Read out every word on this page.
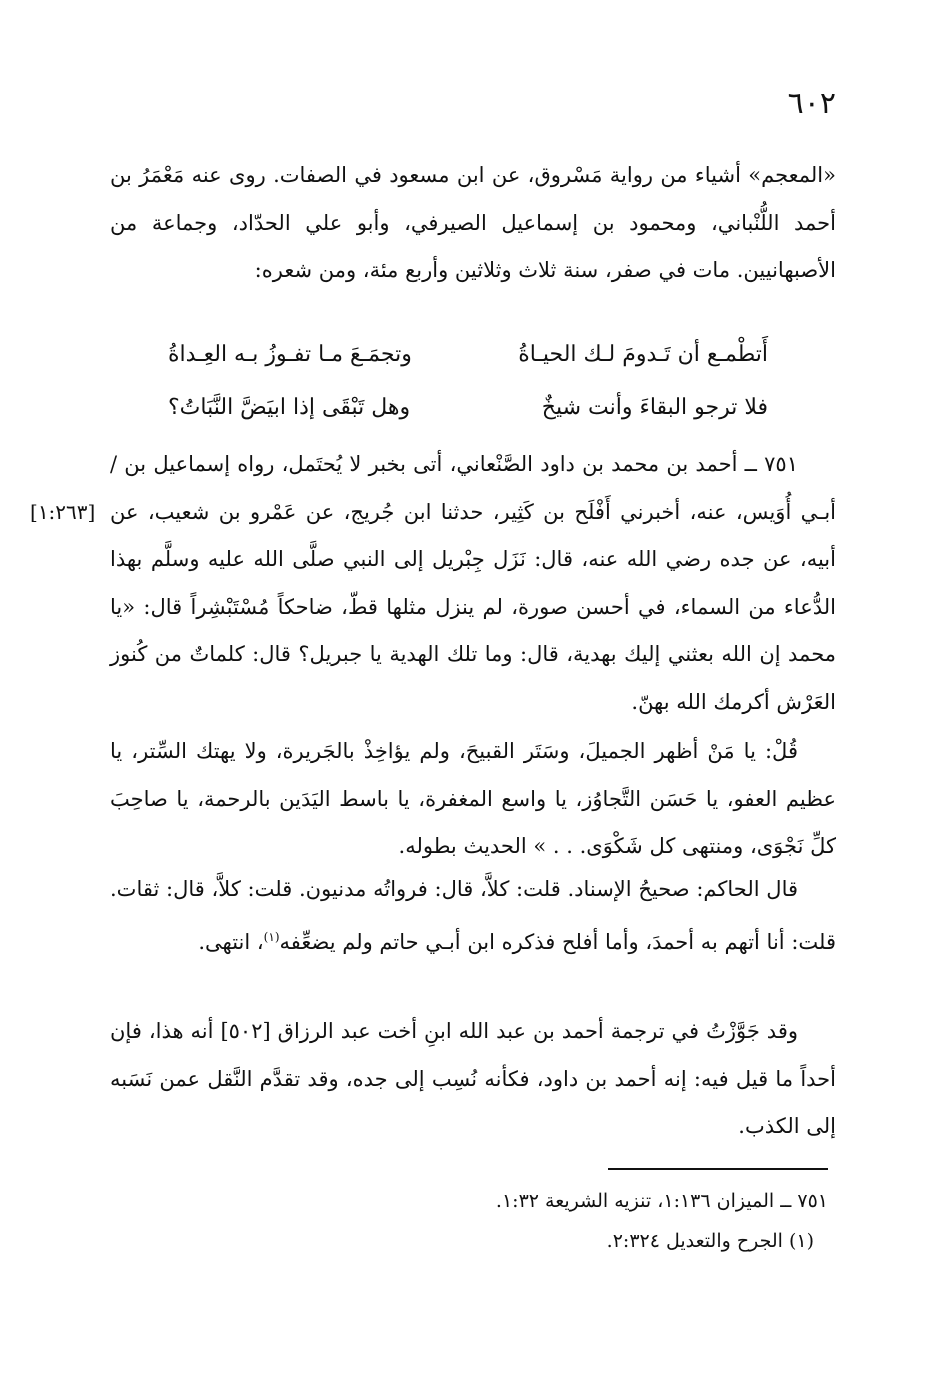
٦٠٢

«المعجم» أشياء من رواية مَسْروق، عن ابن مسعود في الصفات. روى عنه مَعْمَرُ بن أحمد اللُّنْباني، ومحمود بن إسماعيل الصيرفي، وأبو علي الحدّاد، وجماعة من الأصبهانيين. مات في صفر، سنة ثلاث وثلاثين وأربع مئة، ومن شعره:

أَتطْمـع أن تَـدومَ لـك الحيـاةُ
وتجمَـعَ مـا تفـوزُ بـه العِـداةُ
فلا ترجو البقاءَ وأنت شيخٌ
وهل تَبْقَى إذا ابيَضَّ النَّبَاتُ؟

٧٥١ ــ أحمد بن محمد بن داود الصَّنْعاني، أتى بخبر لا يُحتَمل، رواه إسماعيل بن / أبـي أُوَيس، عنه، أخبرني أَفْلَح بن كَثِير، حدثنا ابن جُريج، عن عَمْرو بن شعيب، عن أبيه، عن جده رضي الله عنه، قال: نَزَل جِبْريل إلى النبي صلَّى الله عليه وسلَّم بهذا الدُّعاء من السماء، في أحسن صورة، لم ينزل مثلها قطّ، ضاحكاً مُسْتَبْشِراً قال: «يا محمد إن الله بعثني إليك بهدية، قال: وما تلك الهدية يا جبريل؟ قال: كلماتٌ من كُنوز العَرْش أكرمك الله بهنّ.

[١:٢٦٣]

قُلْ: يا مَنْ أظهر الجميلَ، وسَتَر القبيحَ، ولم يؤاخِذْ بالجَريرة، ولا يهتك السِّتر، يا عظيم العفو، يا حَسَن التَّجاوُز، يا واسع المغفرة، يا باسط اليَدَين بالرحمة، يا صاحِبَ كلِّ نَجْوَى، ومنتهى كل شَكْوَى. . . » الحديث بطوله.

قال الحاكم: صحيحُ الإسناد. قلت: كلاَّ، قال: فرواتُه مدنيون. قلت: كلاَّ، قال: ثقات. قلت: أنا أتهم به أحمدَ، وأما أفلح فذكره ابن أبـي حاتم ولم يضعِّفه$^{(١)}$، انتهى.

وقد جَوَّزْتُ في ترجمة أحمد بن عبد الله ابنِ أخت عبد الرزاق [٥٠٢] أنه هذا، فإن أحداً ما قيل فيه: إنه أحمد بن داود، فكأنه نُسِب إلى جده، وقد تقدَّم النَّقل عمن نَسَبه إلى الكذب.

٧٥١ ــ الميزان ١:١٣٦، تنزيه الشريعة ١:٣٢.
(١) الجرح والتعديل ٢:٣٢٤.
